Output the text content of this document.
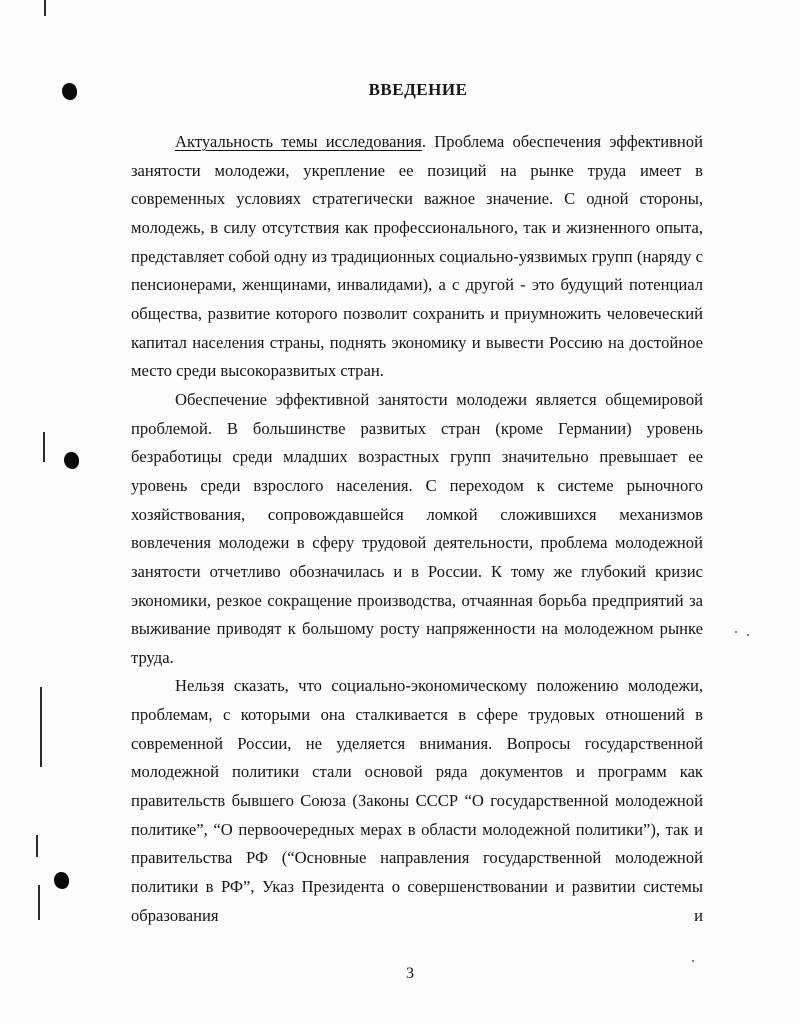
ВВЕДЕНИЕ

Актуальность темы исследования. Проблема обеспечения эффективной занятости молодежи, укрепление ее позиций на рынке труда имеет в современных условиях стратегически важное значение. С одной стороны, молодежь, в силу отсутствия как профессионального, так и жизненного опыта, представляет собой одну из традиционных социально-уязвимых групп (наряду с пенсионерами, женщинами, инвалидами), а с другой - это будущий потенциал общества, развитие которого позволит сохранить и приумножить человеческий капитал населения страны, поднять экономику и вывести Россию на достойное место среди высокоразвитых стран.

Обеспечение эффективной занятости молодежи является общемировой проблемой. В большинстве развитых стран (кроме Германии) уровень безработицы среди младших возрастных групп значительно превышает ее уровень среди взрослого населения. С переходом к системе рыночного хозяйствования, сопровождавшейся ломкой сложившихся механизмов вовлечения молодежи в сферу трудовой деятельности, проблема молодежной занятости отчетливо обозначилась и в России. К тому же глубокий кризис экономики, резкое сокращение производства, отчаянная борьба предприятий за выживание приводят к большому росту напряженности на молодежном рынке труда.

Нельзя сказать, что социально-экономическому положению молодежи, проблемам, с которыми она сталкивается в сфере трудовых отношений в современной России, не уделяется внимания. Вопросы государственной молодежной политики стали основой ряда документов и программ как правительств бывшего Союза (Законы СССР “О государственной молодежной политике”, “О первоочередных мерах в области молодежной политики”), так и правительства РФ (“Основные направления государственной молодежной политики в РФ”, Указ Президента о совершенствовании и развитии системы образования и

3
